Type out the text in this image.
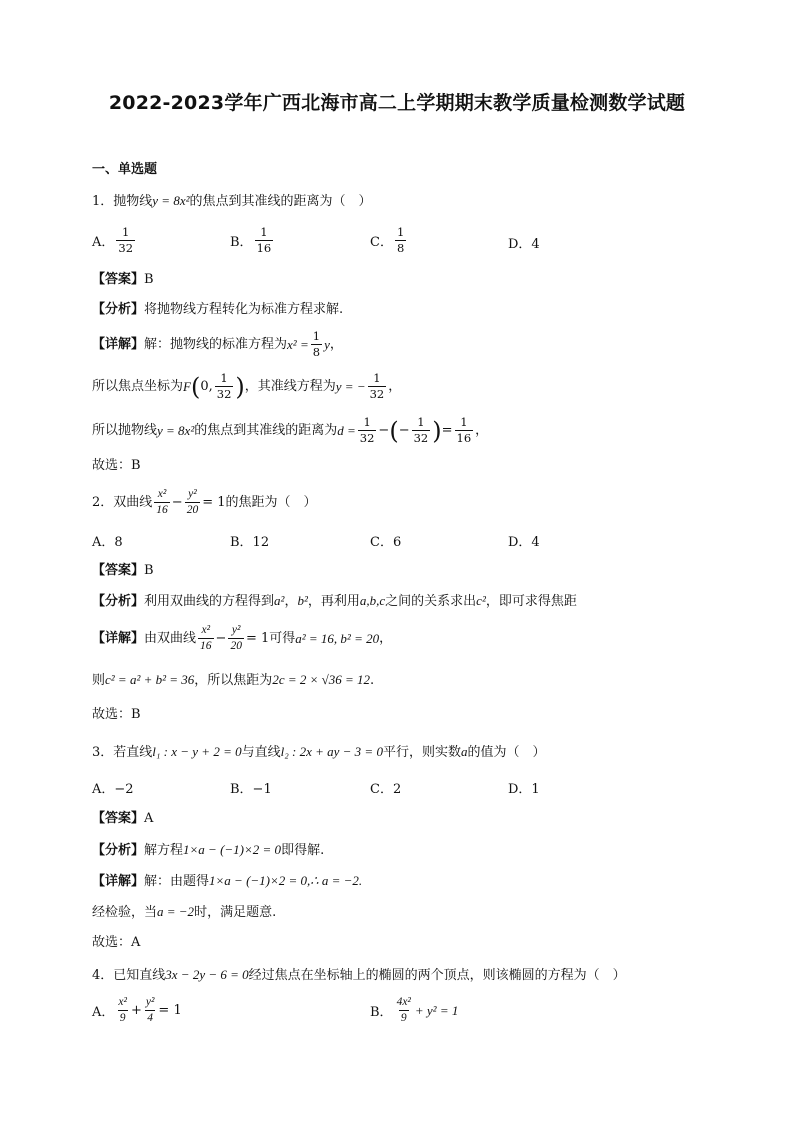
2022-2023学年广西北海市高二上学期期末教学质量检测数学试题
一、单选题
1．抛物线y = 8x²的焦点到其准线的距离为（　）
A．
1
32	B．
1
16	C．
1
8	D．4
【答案】B
【分析】将抛物线方程转化为标准方程求解.
【详解】 解：抛物线的标准方程为 $x^2 = \frac{1}{8}$ y ，
所以焦点坐标为 F ( 0,
1
32 ) ，其准线方程为 y = − $\frac{1}{32}$ ，
所以抛物线 y = 8x² 的焦点到其准线的距离为 $d = \frac{1}{32}$ − ( − $\frac{1}{32}$ ) = $\frac{1}{16}$ ，
故选：B
2．双曲线
x²
16
− $\frac{\text{y²}}{20} = 1$ 的焦距为（　）
A．8	B．12	C．6	D．4
【答案】B
【分析】利用双曲线的方程得到a²，b²，再利用a,b,c之间的关系求出c²，即可求得焦距
【详解】 由双曲线
x²
16
− $\frac{\text{y²}}{20} = 1$ 可得 a² = 16, b² = 20 ，
则c² = a² + b² = 36，所以焦距为2c = 2 × √36 = 12.
故选：B
3．若直线l₁ : x − y + 2 = 0与直线l₂ : 2x + ay − 3 = 0平行，则实数a的值为（　）
A．−2	B．−1	C．2	D．1
【答案】A
【分析】解方程1×a − (−1)×2 = 0即得解.
【详解】解：由题得1×a − (−1)×2 = 0,∴ a = −2.
经检验，当a = −2时，满足题意.
故选：A
4．已知直线3x − 2y − 6 = 0经过焦点在坐标轴上的椭圆的两个顶点，则该椭圆的方程为（　）
A．
x²
$9 + \frac{\text{y²}}{4} = 1$	B．
4x²
9
+ y² = 1
